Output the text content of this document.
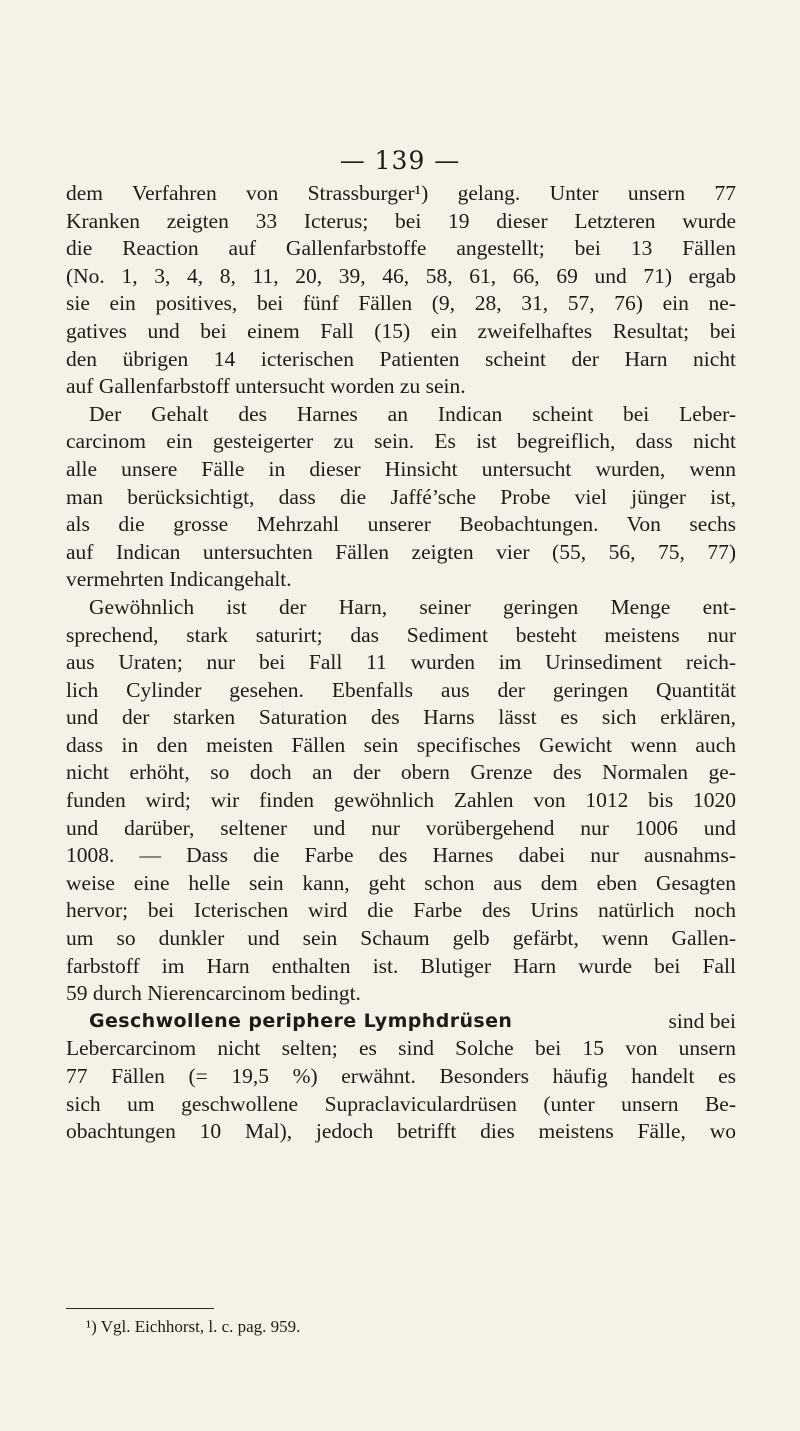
— 139 —
dem Verfahren von Strassburger¹) gelang. Unter unsern 77
Kranken zeigten 33 Icterus; bei 19 dieser Letzteren wurde
die Reaction auf Gallenfarbstoffe angestellt; bei 13 Fällen
(No. 1, 3, 4, 8, 11, 20, 39, 46, 58, 61, 66, 69 und 71) ergab
sie ein positives, bei fünf Fällen (9, 28, 31, 57, 76) ein ne-
gatives und bei einem Fall (15) ein zweifelhaftes Resultat; bei
den übrigen 14 icterischen Patienten scheint der Harn nicht
auf Gallenfarbstoff untersucht worden zu sein.
Der Gehalt des Harnes an Indican scheint bei Leber-
carcinom ein gesteigerter zu sein. Es ist begreiflich, dass nicht
alle unsere Fälle in dieser Hinsicht untersucht wurden, wenn
man berücksichtigt, dass die Jaffé’sche Probe viel jünger ist,
als die grosse Mehrzahl unserer Beobachtungen. Von sechs
auf Indican untersuchten Fällen zeigten vier (55, 56, 75, 77)
vermehrten Indicangehalt.
Gewöhnlich ist der Harn, seiner geringen Menge ent-
sprechend, stark saturirt; das Sediment besteht meistens nur
aus Uraten; nur bei Fall 11 wurden im Urinsediment reich-
lich Cylinder gesehen. Ebenfalls aus der geringen Quantität
und der starken Saturation des Harns lässt es sich erklären,
dass in den meisten Fällen sein specifisches Gewicht wenn auch
nicht erhöht, so doch an der obern Grenze des Normalen ge-
funden wird; wir finden gewöhnlich Zahlen von 1012 bis 1020
und darüber, seltener und nur vorübergehend nur 1006 und
1008. — Dass die Farbe des Harnes dabei nur ausnahms-
weise eine helle sein kann, geht schon aus dem eben Gesagten
hervor; bei Icterischen wird die Farbe des Urins natürlich noch
um so dunkler und sein Schaum gelb gefärbt, wenn Gallen-
farbstoff im Harn enthalten ist. Blutiger Harn wurde bei Fall
59 durch Nierencarcinom bedingt.
Geschwollene periphere Lymphdrüsen	sind bei
Lebercarcinom nicht selten; es sind Solche bei 15 von unsern
77 Fällen (= 19,5 %) erwähnt. Besonders häufig handelt es
sich um geschwollene Supraclaviculardrüsen (unter unsern Be-
obachtungen 10 Mal), jedoch betrifft dies meistens Fälle, wo
¹) Vgl. Eichhorst, l. c. pag. 959.
